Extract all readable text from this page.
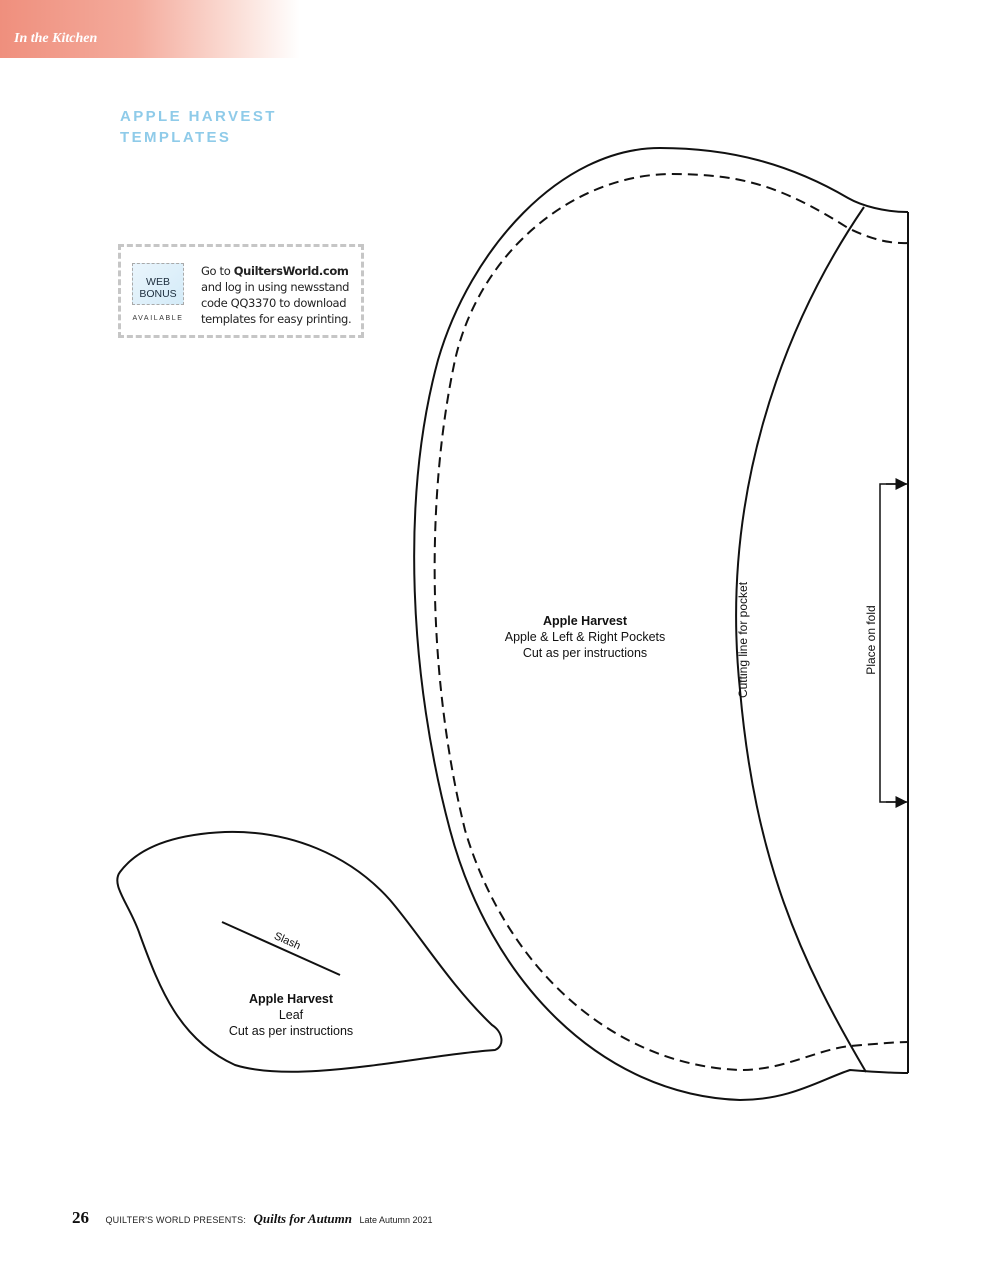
In the Kitchen
APPLE HARVEST
TEMPLATES
WEB
BONUS
AVAILABLE
Go to QuiltersWorld.com
and log in using newsstand
code QQ3370 to download
templates for easy printing.
Apple Harvest
Apple & Left & Right Pockets
Cut as per instructions	Cutting line for pocket	Place on fold
Slash
Apple Harvest
Leaf
Cut as per instructions
26 QUILTER'S WORLD PRESENTS: Quilts for Autumn Late Autumn 2021
